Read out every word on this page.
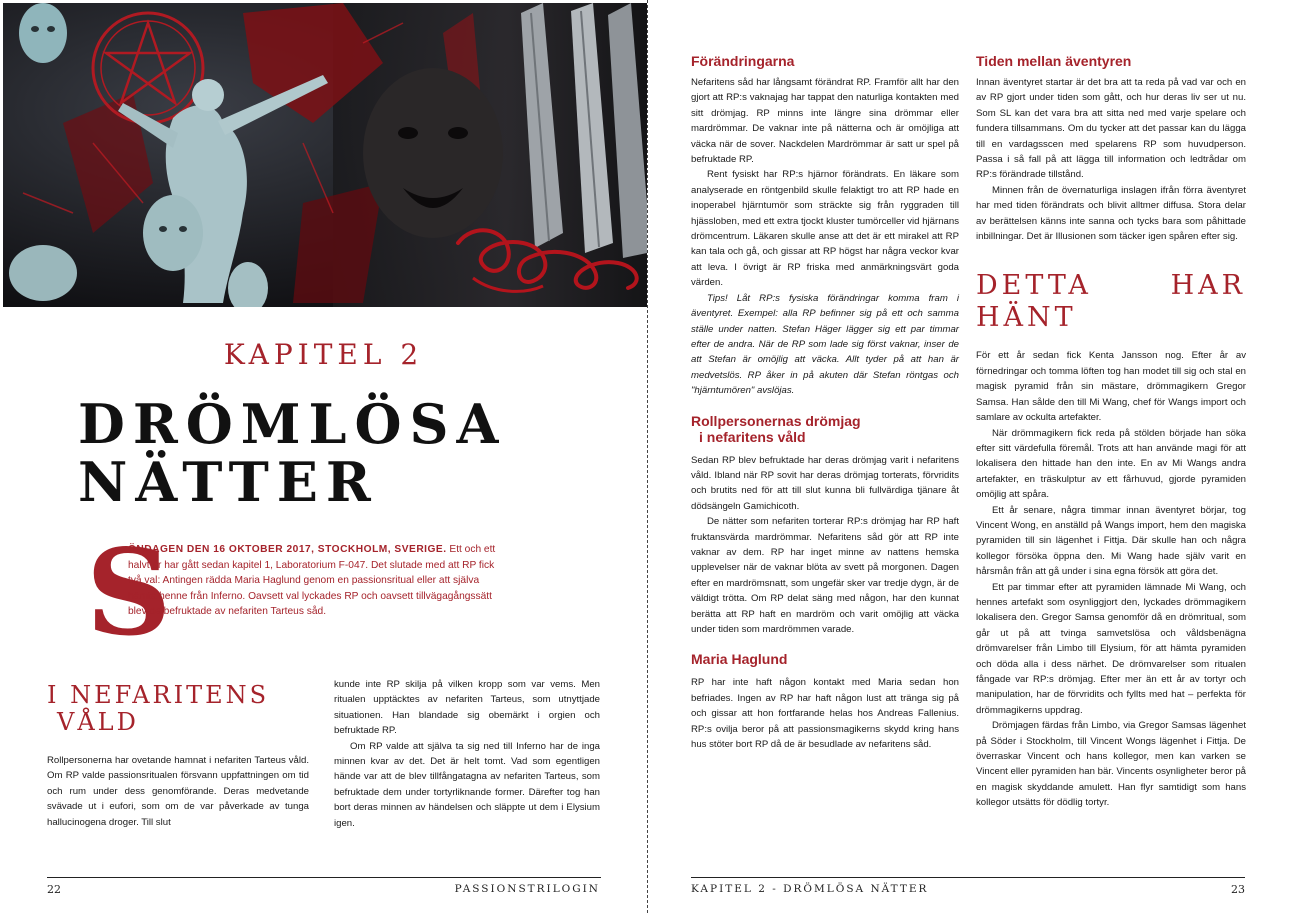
KAPITEL 2
DRÖMLÖSA
NÄTTER
S
ÖNDAGEN DEN 16 OKTOBER 2017, STOCKHOLM, SVERIGE. Ett och ett halvt år har gått sedan kapitel 1, Laboratorium F-047. Det slutade med att RP fick två val: Antingen rädda Maria Haglund genom en passionsritual eller att själva hämta henne från Inferno. Oavsett val lyckades RP och oavsett tillvägagångssätt blev de befruktade av nefariten Tarteus såd.
I NEFARITENS
VÅLD

Rollpersonerna har ovetande hamnat i nefariten Tarteus våld. Om RP valde passionsritualen försvann uppfattningen om tid och rum under dess genomförande. Deras medvetande svävade ut i eufori, som om de var påverkade av tunga hallucinogena droger. Till slut

kunde inte RP skilja på vilken kropp som var vems. Men ritualen upptäcktes av nefariten Tarteus, som utnyttjade situationen. Han blandade sig obemärkt i orgien och befruktade RP.

Om RP valde att själva ta sig ned till Inferno har de inga minnen kvar av det. Det är helt tomt. Vad som egentligen hände var att de blev tillfångatagna av nefariten Tarteus, som befruktade dem under tortyrliknande former. Därefter tog han bort deras minnen av händelsen och släppte ut dem i Elysium igen.

22	PASSIONSTRILOGIN
Förändringarna

Nefaritens såd har långsamt förändrat RP. Framför allt har den gjort att RP:s vaknajag har tappat den naturliga kontakten med sitt drömjag. RP minns inte längre sina drömmar eller mardrömmar. De vaknar inte på nätterna och är omöjliga att väcka när de sover. Nackdelen Mardrömmar är satt ur spel på befruktade RP.

Rent fysiskt har RP:s hjärnor förändrats. En läkare som analyserade en röntgenbild skulle felaktigt tro att RP hade en inoperabel hjärntumör som sträckte sig från ryggraden till hjässloben, med ett extra tjockt kluster tumörceller vid hjärnans drömcentrum. Läkaren skulle anse att det är ett mirakel att RP kan tala och gå, och gissar att RP högst har några veckor kvar att leva. I övrigt är RP friska med anmärkningsvärt goda värden.

Tips! Låt RP:s fysiska förändringar komma fram i äventyret. Exempel: alla RP befinner sig på ett och samma ställe under natten. Stefan Häger lägger sig ett par timmar efter de andra. När de RP som lade sig först vaknar, inser de att Stefan är omöjlig att väcka. Allt tyder på att han är medvetslös. RP åker in på akuten där Stefan röntgas och "hjärntumören" avslöjas.

Rollpersonernas drömjag
i nefaritens våld

Sedan RP blev befruktade har deras drömjag varit i nefaritens våld. Ibland när RP sovit har deras drömjag torterats, förvridits och brutits ned för att till slut kunna bli fullvärdiga tjänare åt dödsängeln Gamichicoth.

De nätter som nefariten torterar RP:s drömjag har RP haft fruktansvärda mardrömmar. Nefaritens såd gör att RP inte vaknar av dem. RP har inget minne av nattens hemska upplevelser när de vaknar blöta av svett på morgonen. Dagen efter en mardrömsnatt, som ungefär sker var tredje dygn, är de väldigt trötta. Om RP delat säng med någon, har den kunnat berätta att RP haft en mardröm och varit omöjlig att väcka under tiden som mardrömmen varade.

Maria Haglund

RP har inte haft någon kontakt med Maria sedan hon befriades. Ingen av RP har haft någon lust att tränga sig på och gissar att hon fortfarande helas hos Andreas Fallenius. RP:s ovilja beror på att passionsmagikerns skydd kring hans hus stöter bort RP då de är besudlade av nefaritens såd.

Tiden mellan äventyren

Innan äventyret startar är det bra att ta reda på vad var och en av RP gjort under tiden som gått, och hur deras liv ser ut nu. Som SL kan det vara bra att sitta ned med varje spelare och fundera tillsammans. Om du tycker att det passar kan du lägga till en vardagsscen med spelarens RP som huvudperson. Passa i så fall på att lägga till information och ledtrådar om RP:s förändrade tillstånd.

Minnen från de övernaturliga inslagen ifrån förra äventyret har med tiden förändrats och blivit alltmer diffusa. Stora delar av berättelsen känns inte sanna och tycks bara som påhittade inbillningar. Det är Illusionen som täcker igen spåren efter sig.

DETTA HAR HÄNT

För ett år sedan fick Kenta Jansson nog. Efter år av förnedringar och tomma löften tog han modet till sig och stal en magisk pyramid från sin mästare, drömmagikern Gregor Samsa. Han sålde den till Mi Wang, chef för Wangs import och samlare av ockulta artefakter.

När drömmagikern fick reda på stölden började han söka efter sitt värdefulla föremål. Trots att han använde magi för att lokalisera den hittade han den inte. En av Mi Wangs andra artefakter, en träskulptur av ett fårhuvud, gjorde pyramiden omöjlig att spåra.

Ett år senare, några timmar innan äventyret börjar, tog Vincent Wong, en anställd på Wangs import, hem den magiska pyramiden till sin lägenhet i Fittja. Där skulle han och några kollegor försöka öppna den. Mi Wang hade själv varit en hårsmån från att gå under i sina egna försök att göra det.

Ett par timmar efter att pyramiden lämnade Mi Wang, och hennes artefakt som osynliggjort den, lyckades drömmagikern lokalisera den. Gregor Samsa genomför då en drömritual, som går ut på att tvinga samvetslösa och våldsbenägna drömvarelser från Limbo till Elysium, för att hämta pyramiden och döda alla i dess närhet. De drömvarelser som ritualen fångade var RP:s drömjag. Efter mer än ett år av tortyr och manipulation, har de förvridits och fyllts med hat – perfekta för drömmagikerns uppdrag.

Drömjagen färdas från Limbo, via Gregor Samsas lägenhet på Söder i Stockholm, till Vincent Wongs lägenhet i Fittja. De överraskar Vincent och hans kollegor, men kan varken se Vincent eller pyramiden han bär. Vincents osynligheter beror på en magisk skyddande amulett. Han flyr samtidigt som hans kollegor utsätts för dödlig tortyr.

KAPITEL 2 - DRÖMLÖSA NÄTTER	23
